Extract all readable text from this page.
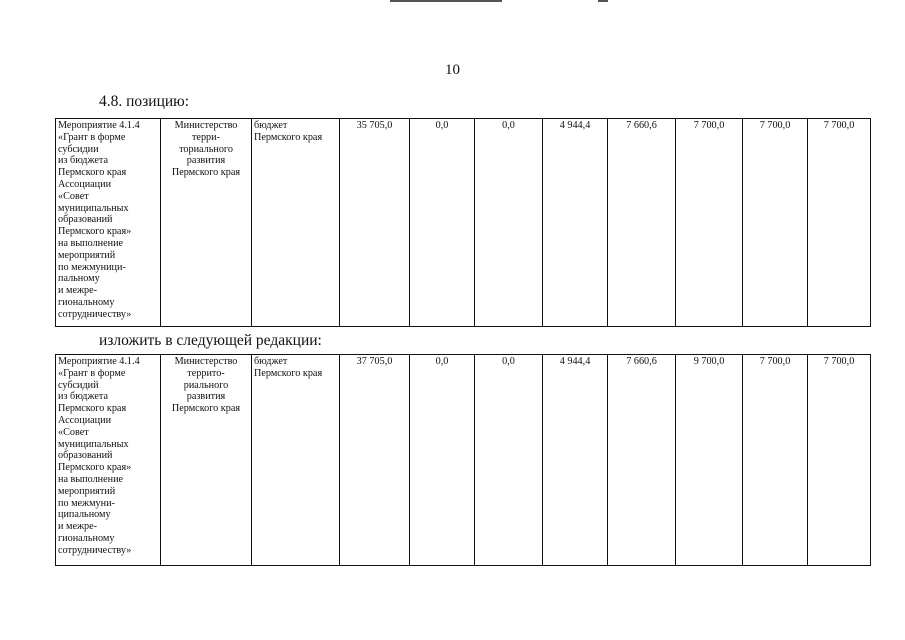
10
4.8. позицию:
Мероприятие 4.1.4
«Грант в форме
субсидии
из бюджета
Пермского края
Ассоциации
«Совет
муниципальных
образований
Пермского края»
на выполнение
мероприятий
по межмуници-
пальному
и межре-
гиональному
сотрудничеству»

Министерство
терри-
ториального
развития
Пермского края

бюджет
Пермского края
	35 705,0	0,0	0,0	4 944,4	7 660,6	7 700,0	7 700,0	7 700,0
изложить в следующей редакции:
Мероприятие 4.1.4
«Грант в форме
субсидий
из бюджета
Пермского края
Ассоциации
«Совет
муниципальных
образований
Пермского края»
на выполнение
мероприятий
по межмуни-
ципальному
и межре-
гиональному
сотрудничеству»

Министерство
террито-
риального
развития
Пермского края

бюджет
Пермского края
	37 705,0	0,0	0,0	4 944,4	7 660,6	9 700,0	7 700,0	7 700,0
